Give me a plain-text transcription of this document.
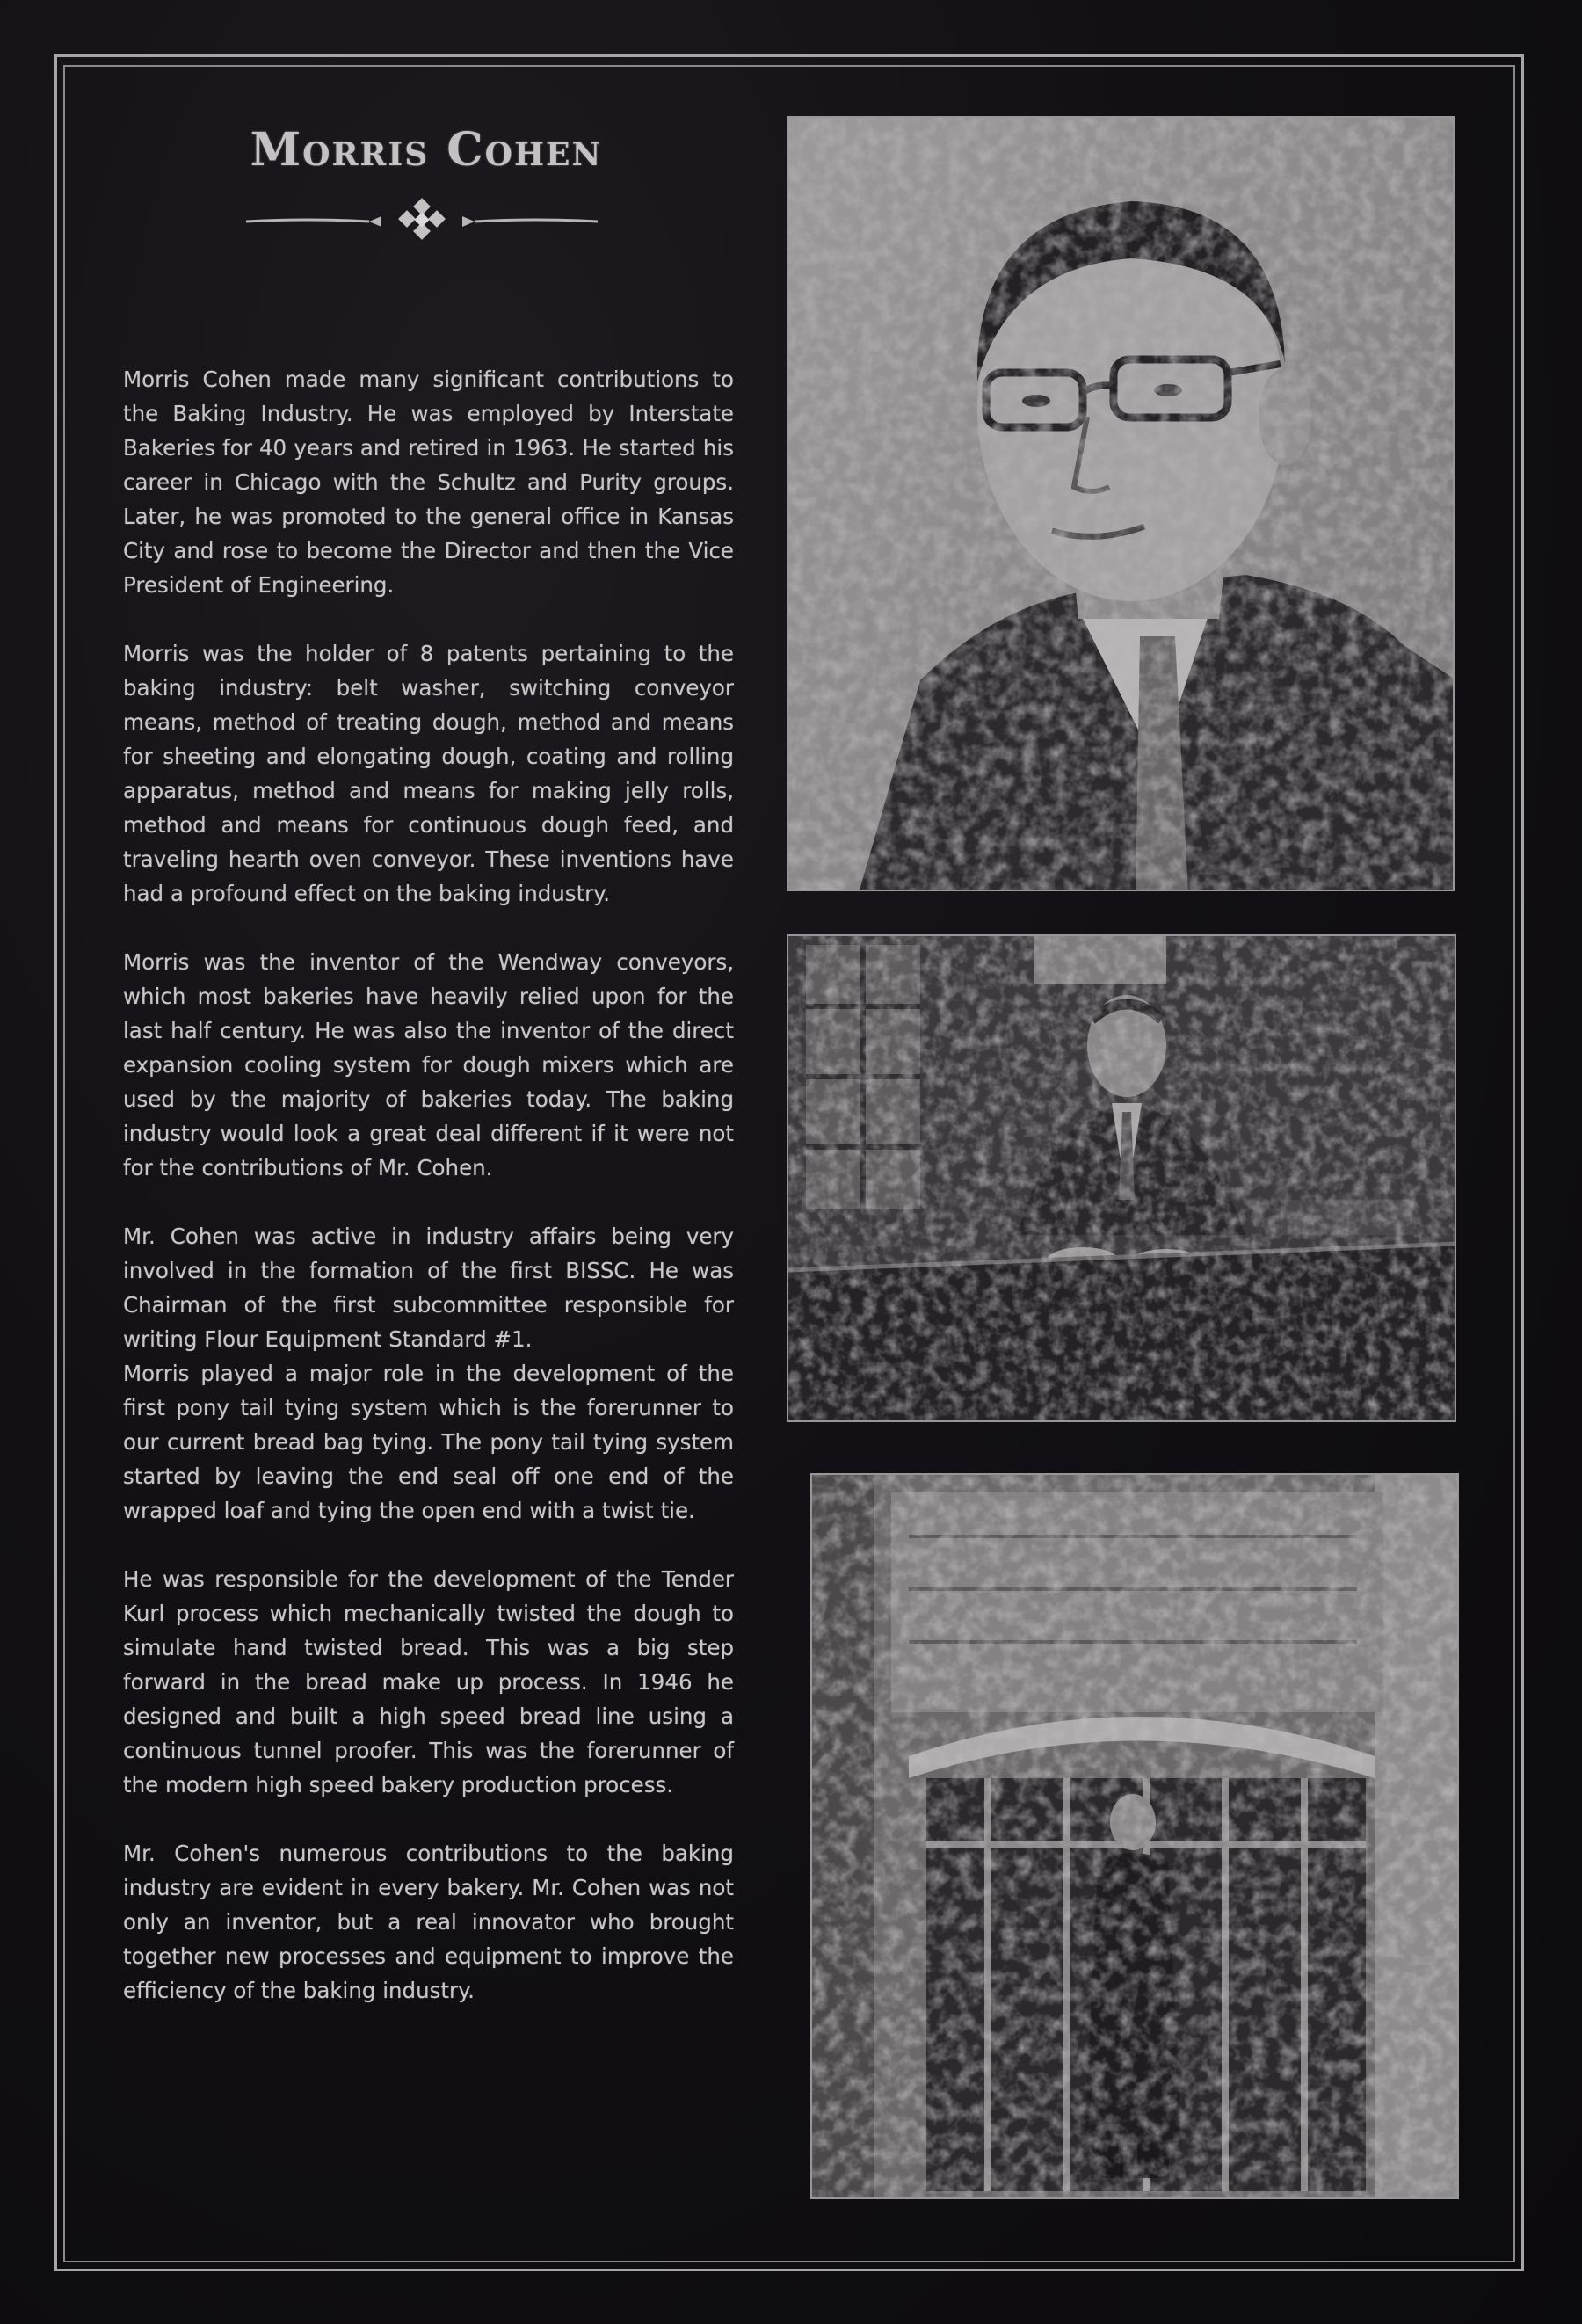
Morris Cohen

Morris Cohen made many significant contributions to the Baking Industry. He was employed by Interstate Bakeries for 40 years and retired in 1963. He started his career in Chicago with the Schultz and Purity groups. Later, he was promoted to the general office in Kansas City and rose to become the Director and then the Vice President of Engineering.

Morris was the holder of 8 patents pertaining to the baking industry: belt washer, switching conveyor means, method of treating dough, method and means for sheeting and elongating dough, coating and rolling apparatus, method and means for making jelly rolls, method and means for continuous dough feed, and traveling hearth oven conveyor. These inventions have had a profound effect on the baking industry.

Morris was the inventor of the Wendway conveyors, which most bakeries have heavily relied upon for the last half century. He was also the inventor of the direct expansion cooling system for dough mixers which are used by the majority of bakeries today. The baking industry would look a great deal different if it were not for the contributions of Mr. Cohen.

Mr. Cohen was active in industry affairs being very involved in the formation of the first BISSC. He was Chairman of the first subcommittee responsible for writing Flour Equipment Standard #1.

Morris played a major role in the development of the first pony tail tying system which is the forerunner to our current bread bag tying. The pony tail tying system started by leaving the end seal off one end of the wrapped loaf and tying the open end with a twist tie.

He was responsible for the development of the Tender Kurl process which mechanically twisted the dough to simulate hand twisted bread. This was a big step forward in the bread make up process. In 1946 he designed and built a high speed bread line using a continuous tunnel proofer. This was the forerunner of the modern high speed bakery production process.

Mr. Cohen's numerous contributions to the baking industry are evident in every bakery. Mr. Cohen was not only an inventor, but a real innovator who brought together new processes and equipment to improve the efficiency of the baking industry.
